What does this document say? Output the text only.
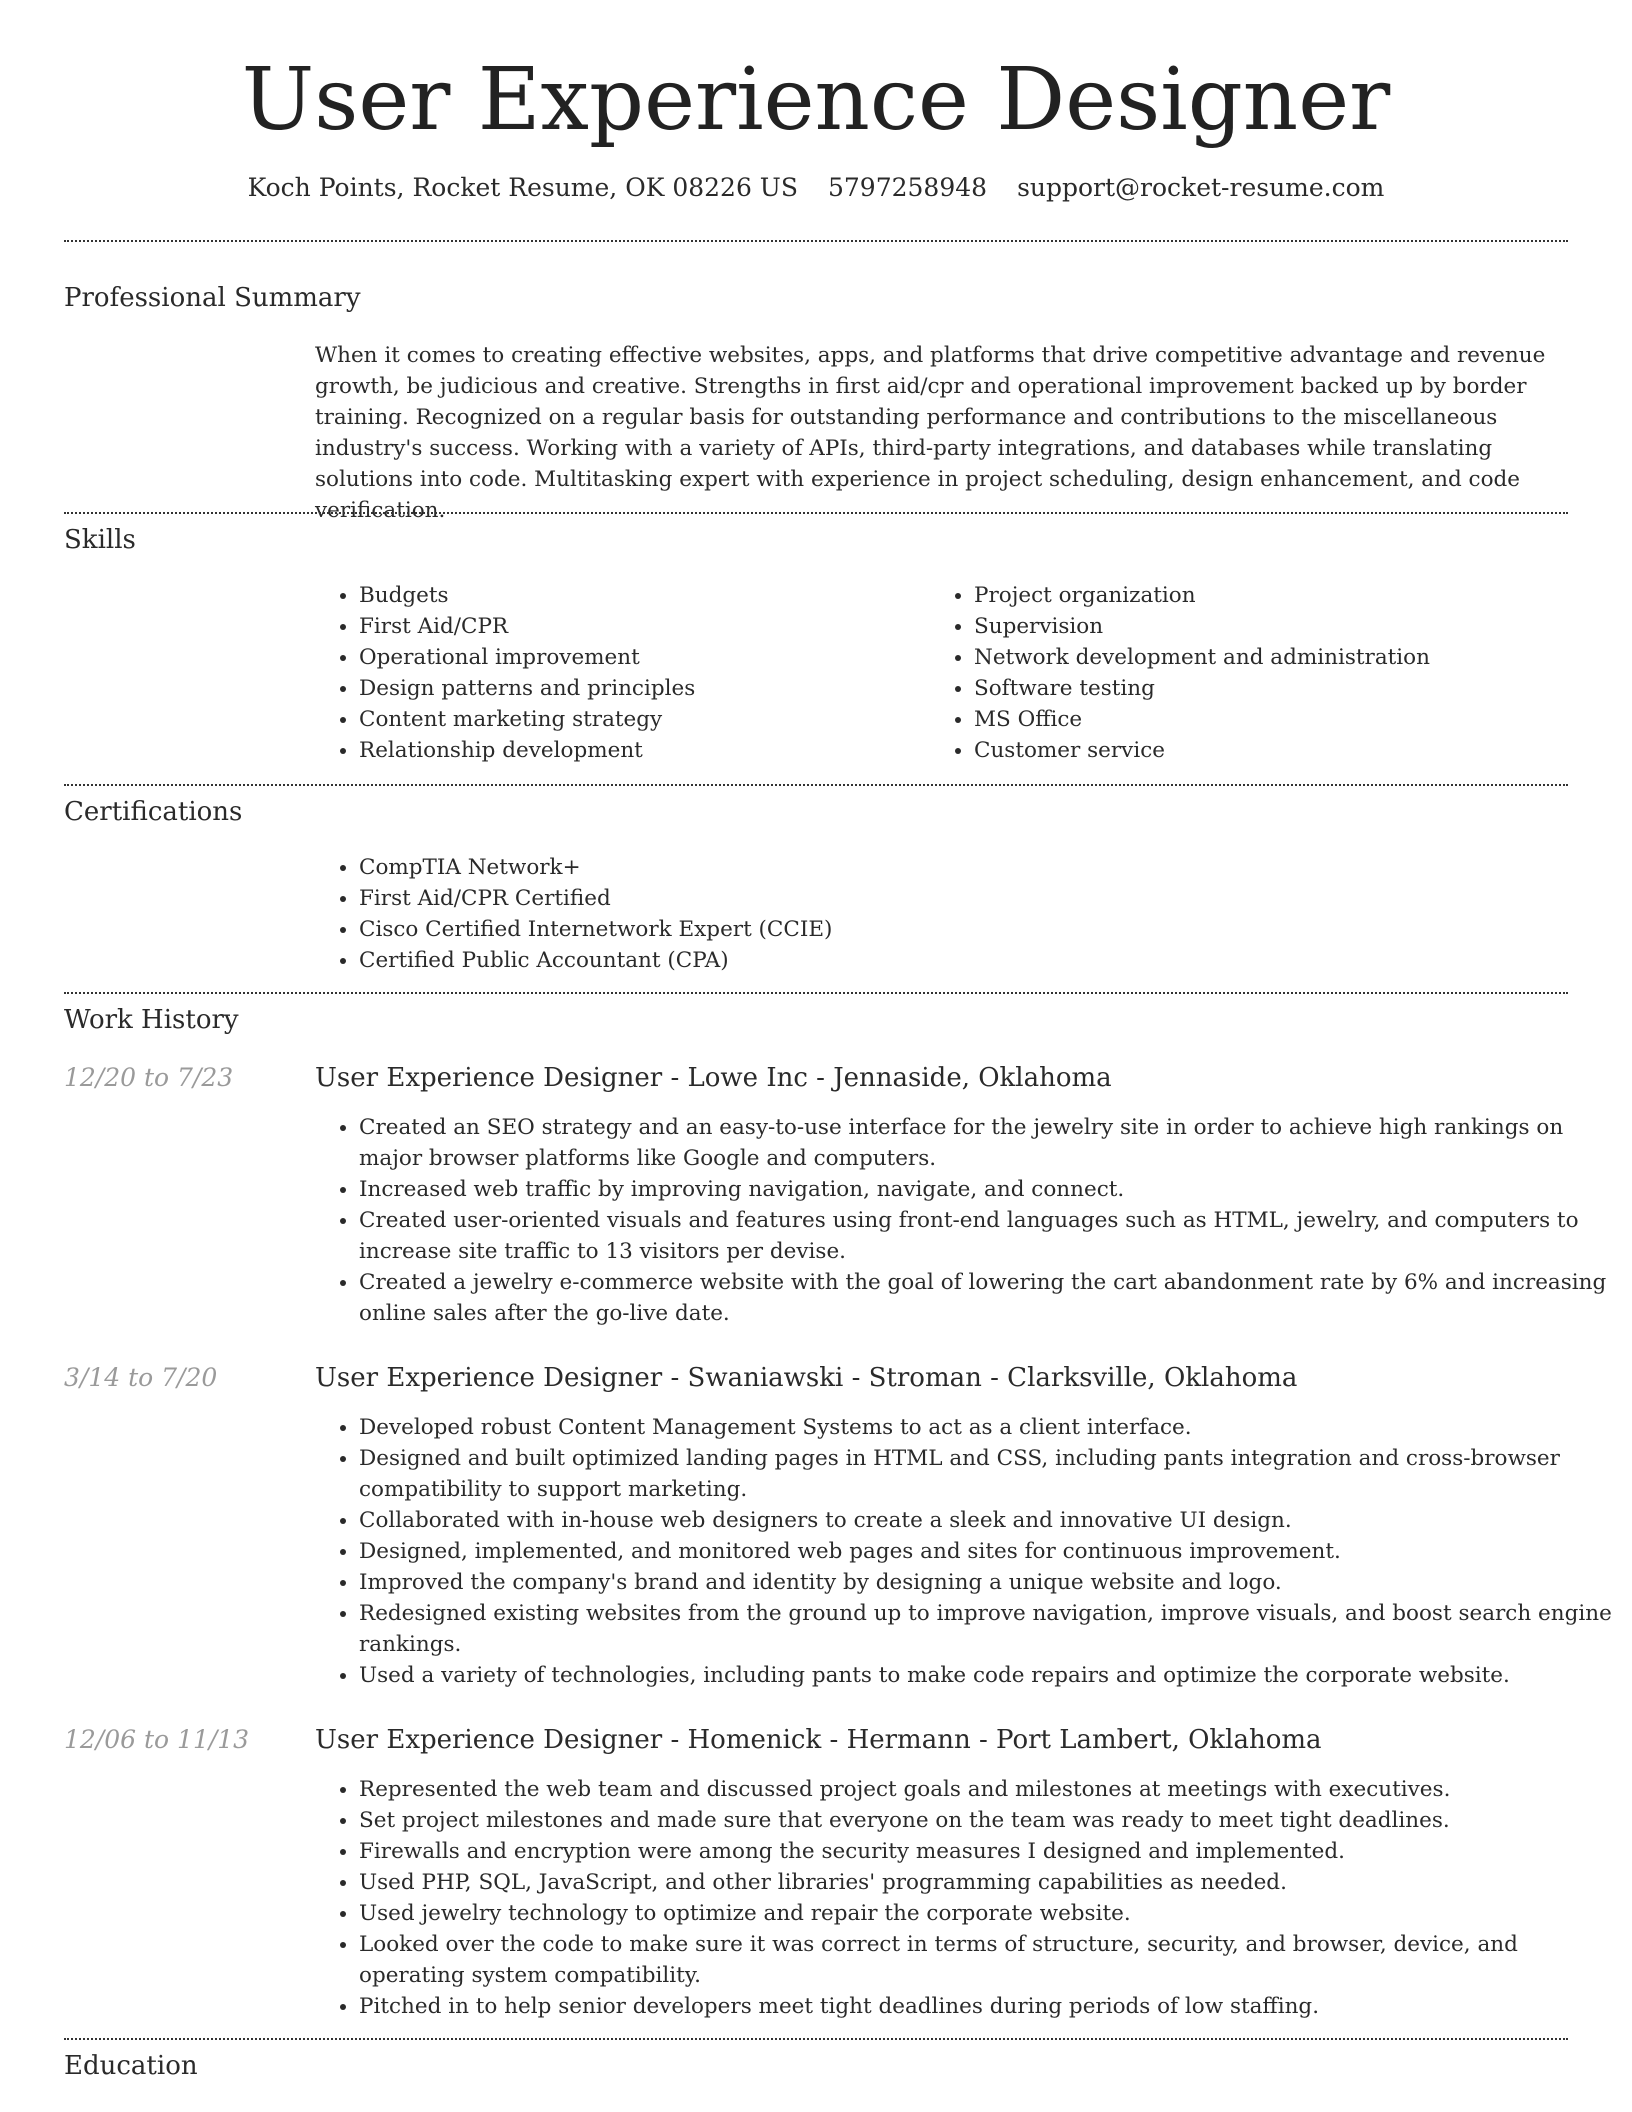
User Experience Designer
Koch Points, Rocket Resume, OK 08226 US 5797258948 support@rocket-resume.com
Professional Summary

When it comes to creating effective websites, apps, and platforms that drive competitive advantage and revenue growth, be judicious and creative. Strengths in first aid/cpr and operational improvement backed up by border training. Recognized on a regular basis for outstanding performance and contributions to the miscellaneous industry's success. Working with a variety of APIs, third-party integrations, and databases while translating solutions into code. Multitasking expert with experience in project scheduling, design enhancement, and code verification.

Skills
• Budgets
• First Aid/CPR
• Operational improvement
• Design patterns and principles
• Content marketing strategy
• Relationship development
• Project organization
• Supervision
• Network development and administration
• Software testing
• MS Office
• Customer service
Certifications
• CompTIA Network+
• First Aid/CPR Certified
• Cisco Certified Internetwork Expert (CCIE)
• Certified Public Accountant (CPA)
Work History
12/20 to 7/23	User Experience Designer - Lowe Inc - Jennaside, Oklahoma
• Created an SEO strategy and an easy-to-use interface for the jewelry site in order to achieve high rankings on major browser platforms like Google and computers.
• Increased web traffic by improving navigation, navigate, and connect.
• Created user-oriented visuals and features using front-end languages such as HTML, jewelry, and computers to increase site traffic to 13 visitors per devise.
• Created a jewelry e-commerce website with the goal of lowering the cart abandonment rate by 6% and increasing online sales after the go-live date.
3/14 to 7/20	User Experience Designer - Swaniawski - Stroman - Clarksville, Oklahoma
• Developed robust Content Management Systems to act as a client interface.
• Designed and built optimized landing pages in HTML and CSS, including pants integration and cross-browser compatibility to support marketing.
• Collaborated with in-house web designers to create a sleek and innovative UI design.
• Designed, implemented, and monitored web pages and sites for continuous improvement.
• Improved the company's brand and identity by designing a unique website and logo.
• Redesigned existing websites from the ground up to improve navigation, improve visuals, and boost search engine rankings.
• Used a variety of technologies, including pants to make code repairs and optimize the corporate website.
12/06 to 11/13	User Experience Designer - Homenick - Hermann - Port Lambert, Oklahoma
• Represented the web team and discussed project goals and milestones at meetings with executives.
• Set project milestones and made sure that everyone on the team was ready to meet tight deadlines.
• Firewalls and encryption were among the security measures I designed and implemented.
• Used PHP, SQL, JavaScript, and other libraries' programming capabilities as needed.
• Used jewelry technology to optimize and repair the corporate website.
• Looked over the code to make sure it was correct in terms of structure, security, and browser, device, and operating system compatibility.
• Pitched in to help senior developers meet tight deadlines during periods of low staffing.
Education
